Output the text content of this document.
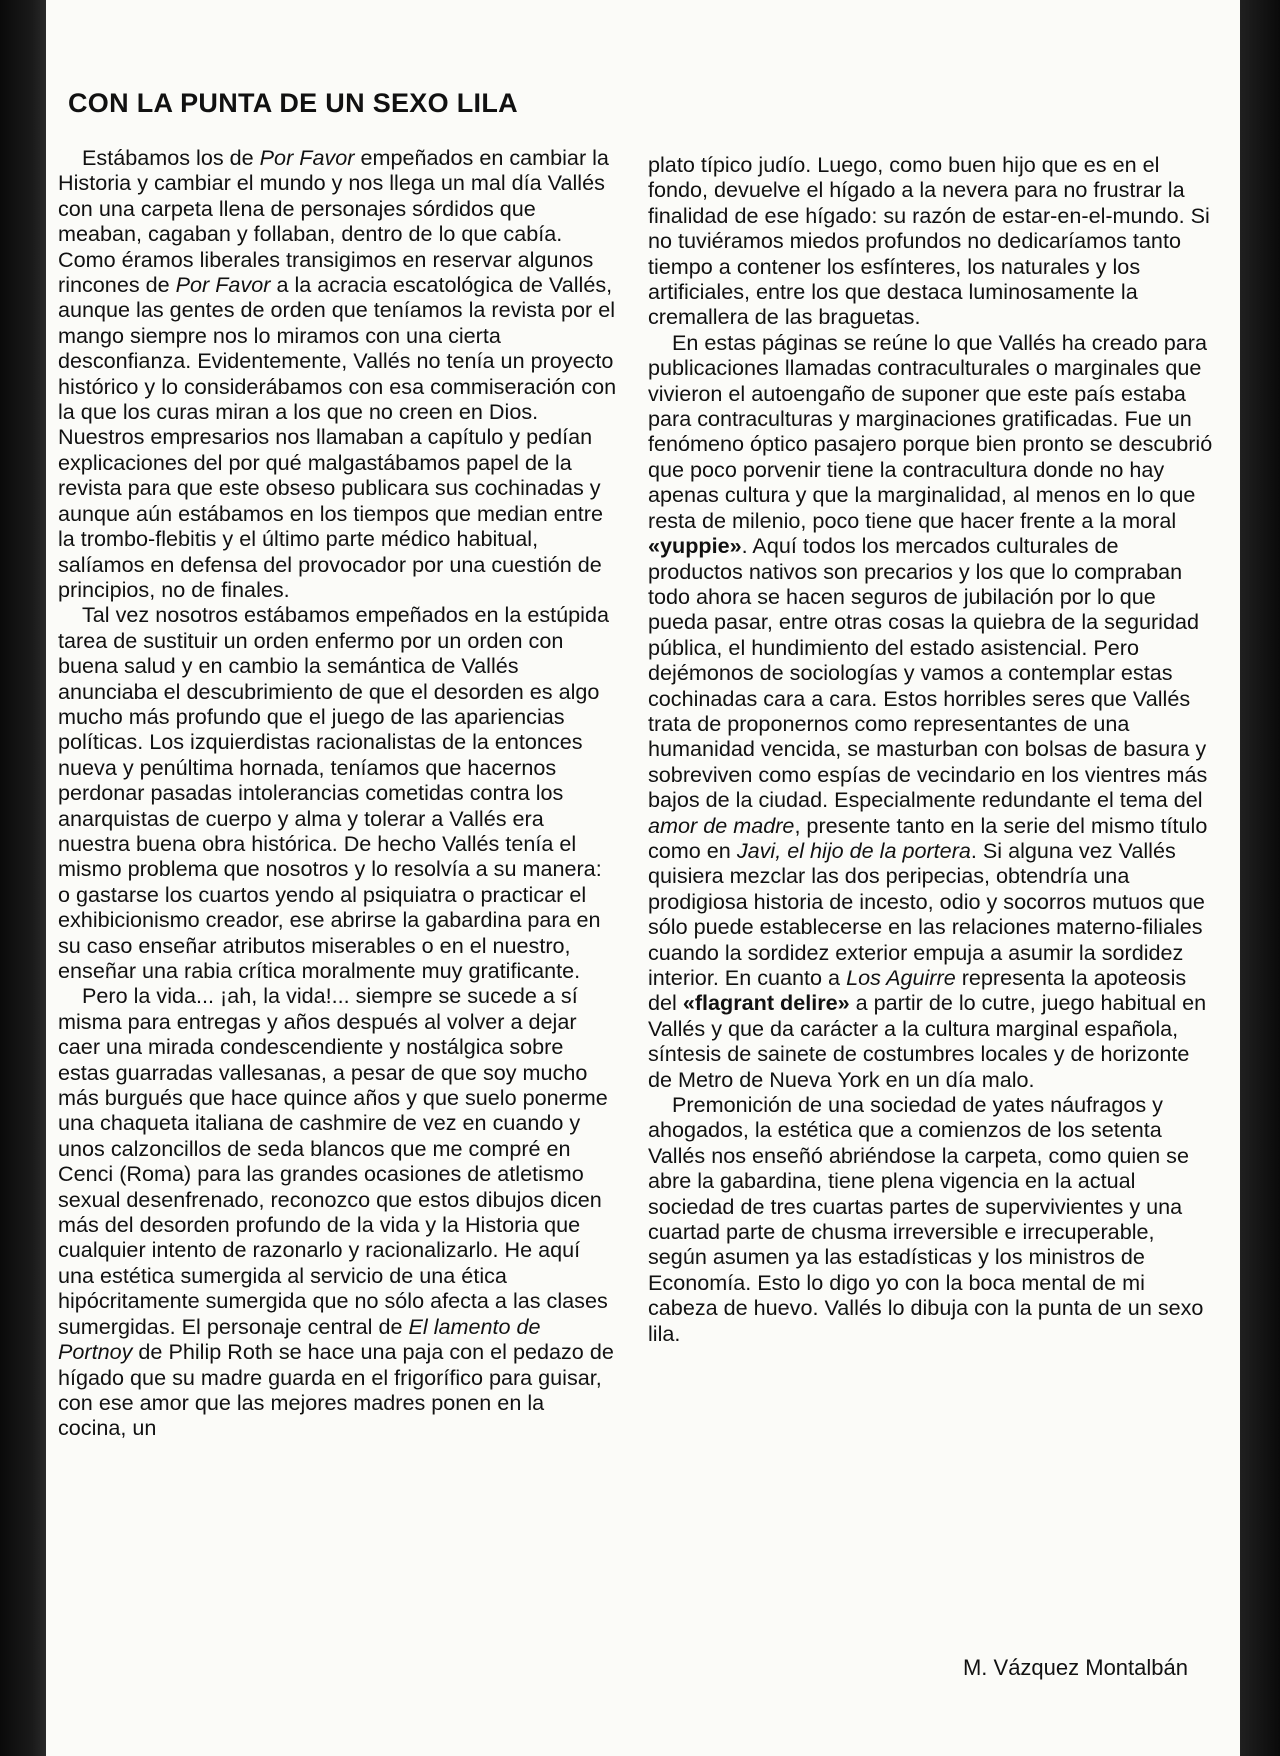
CON LA PUNTA DE UN SEXO LILA

Estábamos los de Por Favor empeñados en cambiar la Historia y cambiar el mundo y nos llega un mal día Vallés con una carpeta llena de personajes sórdidos que meaban, cagaban y follaban, dentro de lo que cabía. Como éramos liberales transigimos en reservar algunos rincones de Por Favor a la acracia escatológica de Vallés, aunque las gentes de orden que teníamos la revista por el mango siempre nos lo miramos con una cierta desconfianza. Evidentemente, Vallés no tenía un proyecto histórico y lo considerábamos con esa commiseración con la que los curas miran a los que no creen en Dios. Nuestros empresarios nos llamaban a capítulo y pedían explicaciones del por qué malgastábamos papel de la revista para que este obseso publicara sus cochinadas y aunque aún estábamos en los tiempos que median entre la trombo-flebitis y el último parte médico habitual, salíamos en defensa del provocador por una cuestión de principios, no de finales.

Tal vez nosotros estábamos empeñados en la estúpida tarea de sustituir un orden enfermo por un orden con buena salud y en cambio la semántica de Vallés anunciaba el descubrimiento de que el desorden es algo mucho más profundo que el juego de las apariencias políticas. Los izquierdistas racionalistas de la entonces nueva y penúltima hornada, teníamos que hacernos perdonar pasadas intolerancias cometidas contra los anarquistas de cuerpo y alma y tolerar a Vallés era nuestra buena obra histórica. De hecho Vallés tenía el mismo problema que nosotros y lo resolvía a su manera: o gastarse los cuartos yendo al psiquiatra o practicar el exhibicionismo creador, ese abrirse la gabardina para en su caso enseñar atributos miserables o en el nuestro, enseñar una rabia crítica moralmente muy gratificante.

Pero la vida... ¡ah, la vida!... siempre se sucede a sí misma para entregas y años después al volver a dejar caer una mirada condescendiente y nostálgica sobre estas guarradas vallesanas, a pesar de que soy mucho más burgués que hace quince años y que suelo ponerme una chaqueta italiana de cashmire de vez en cuando y unos calzoncillos de seda blancos que me compré en Cenci (Roma) para las grandes ocasiones de atletismo sexual desenfrenado, reconozco que estos dibujos dicen más del desorden profundo de la vida y la Historia que cualquier intento de razonarlo y racionalizarlo. He aquí una estética sumergida al servicio de una ética hipócritamente sumergida que no sólo afecta a las clases sumergidas. El personaje central de El lamento de Portnoy de Philip Roth se hace una paja con el pedazo de hígado que su madre guarda en el frigorífico para guisar, con ese amor que las mejores madres ponen en la cocina, un

plato típico judío. Luego, como buen hijo que es en el fondo, devuelve el hígado a la nevera para no frustrar la finalidad de ese hígado: su razón de estar-en-el-mundo. Si no tuviéramos miedos profundos no dedicaríamos tanto tiempo a contener los esfínteres, los naturales y los artificiales, entre los que destaca luminosamente la cremallera de las braguetas.

En estas páginas se reúne lo que Vallés ha creado para publicaciones llamadas contraculturales o marginales que vivieron el autoengaño de suponer que este país estaba para contraculturas y marginaciones gratificadas. Fue un fenómeno óptico pasajero porque bien pronto se descubrió que poco porvenir tiene la contracultura donde no hay apenas cultura y que la marginalidad, al menos en lo que resta de milenio, poco tiene que hacer frente a la moral «yuppie». Aquí todos los mercados culturales de productos nativos son precarios y los que lo compraban todo ahora se hacen seguros de jubilación por lo que pueda pasar, entre otras cosas la quiebra de la seguridad pública, el hundimiento del estado asistencial. Pero dejémonos de sociologías y vamos a contemplar estas cochinadas cara a cara. Estos horribles seres que Vallés trata de proponernos como representantes de una humanidad vencida, se masturban con bolsas de basura y sobreviven como espías de vecindario en los vientres más bajos de la ciudad. Especialmente redundante el tema del amor de madre, presente tanto en la serie del mismo título como en Javi, el hijo de la portera. Si alguna vez Vallés quisiera mezclar las dos peripecias, obtendría una prodigiosa historia de incesto, odio y socorros mutuos que sólo puede establecerse en las relaciones materno-filiales cuando la sordidez exterior empuja a asumir la sordidez interior. En cuanto a Los Aguirre representa la apoteosis del «flagrant delire» a partir de lo cutre, juego habitual en Vallés y que da carácter a la cultura marginal española, síntesis de sainete de costumbres locales y de horizonte de Metro de Nueva York en un día malo.

Premonición de una sociedad de yates náufragos y ahogados, la estética que a comienzos de los setenta Vallés nos enseñó abriéndose la carpeta, como quien se abre la gabardina, tiene plena vigencia en la actual sociedad de tres cuartas partes de supervivientes y una cuartad parte de chusma irreversible e irrecuperable, según asumen ya las estadísticas y los ministros de Economía. Esto lo digo yo con la boca mental de mi cabeza de huevo. Vallés lo dibuja con la punta de un sexo lila.

M. Vázquez Montalbán
